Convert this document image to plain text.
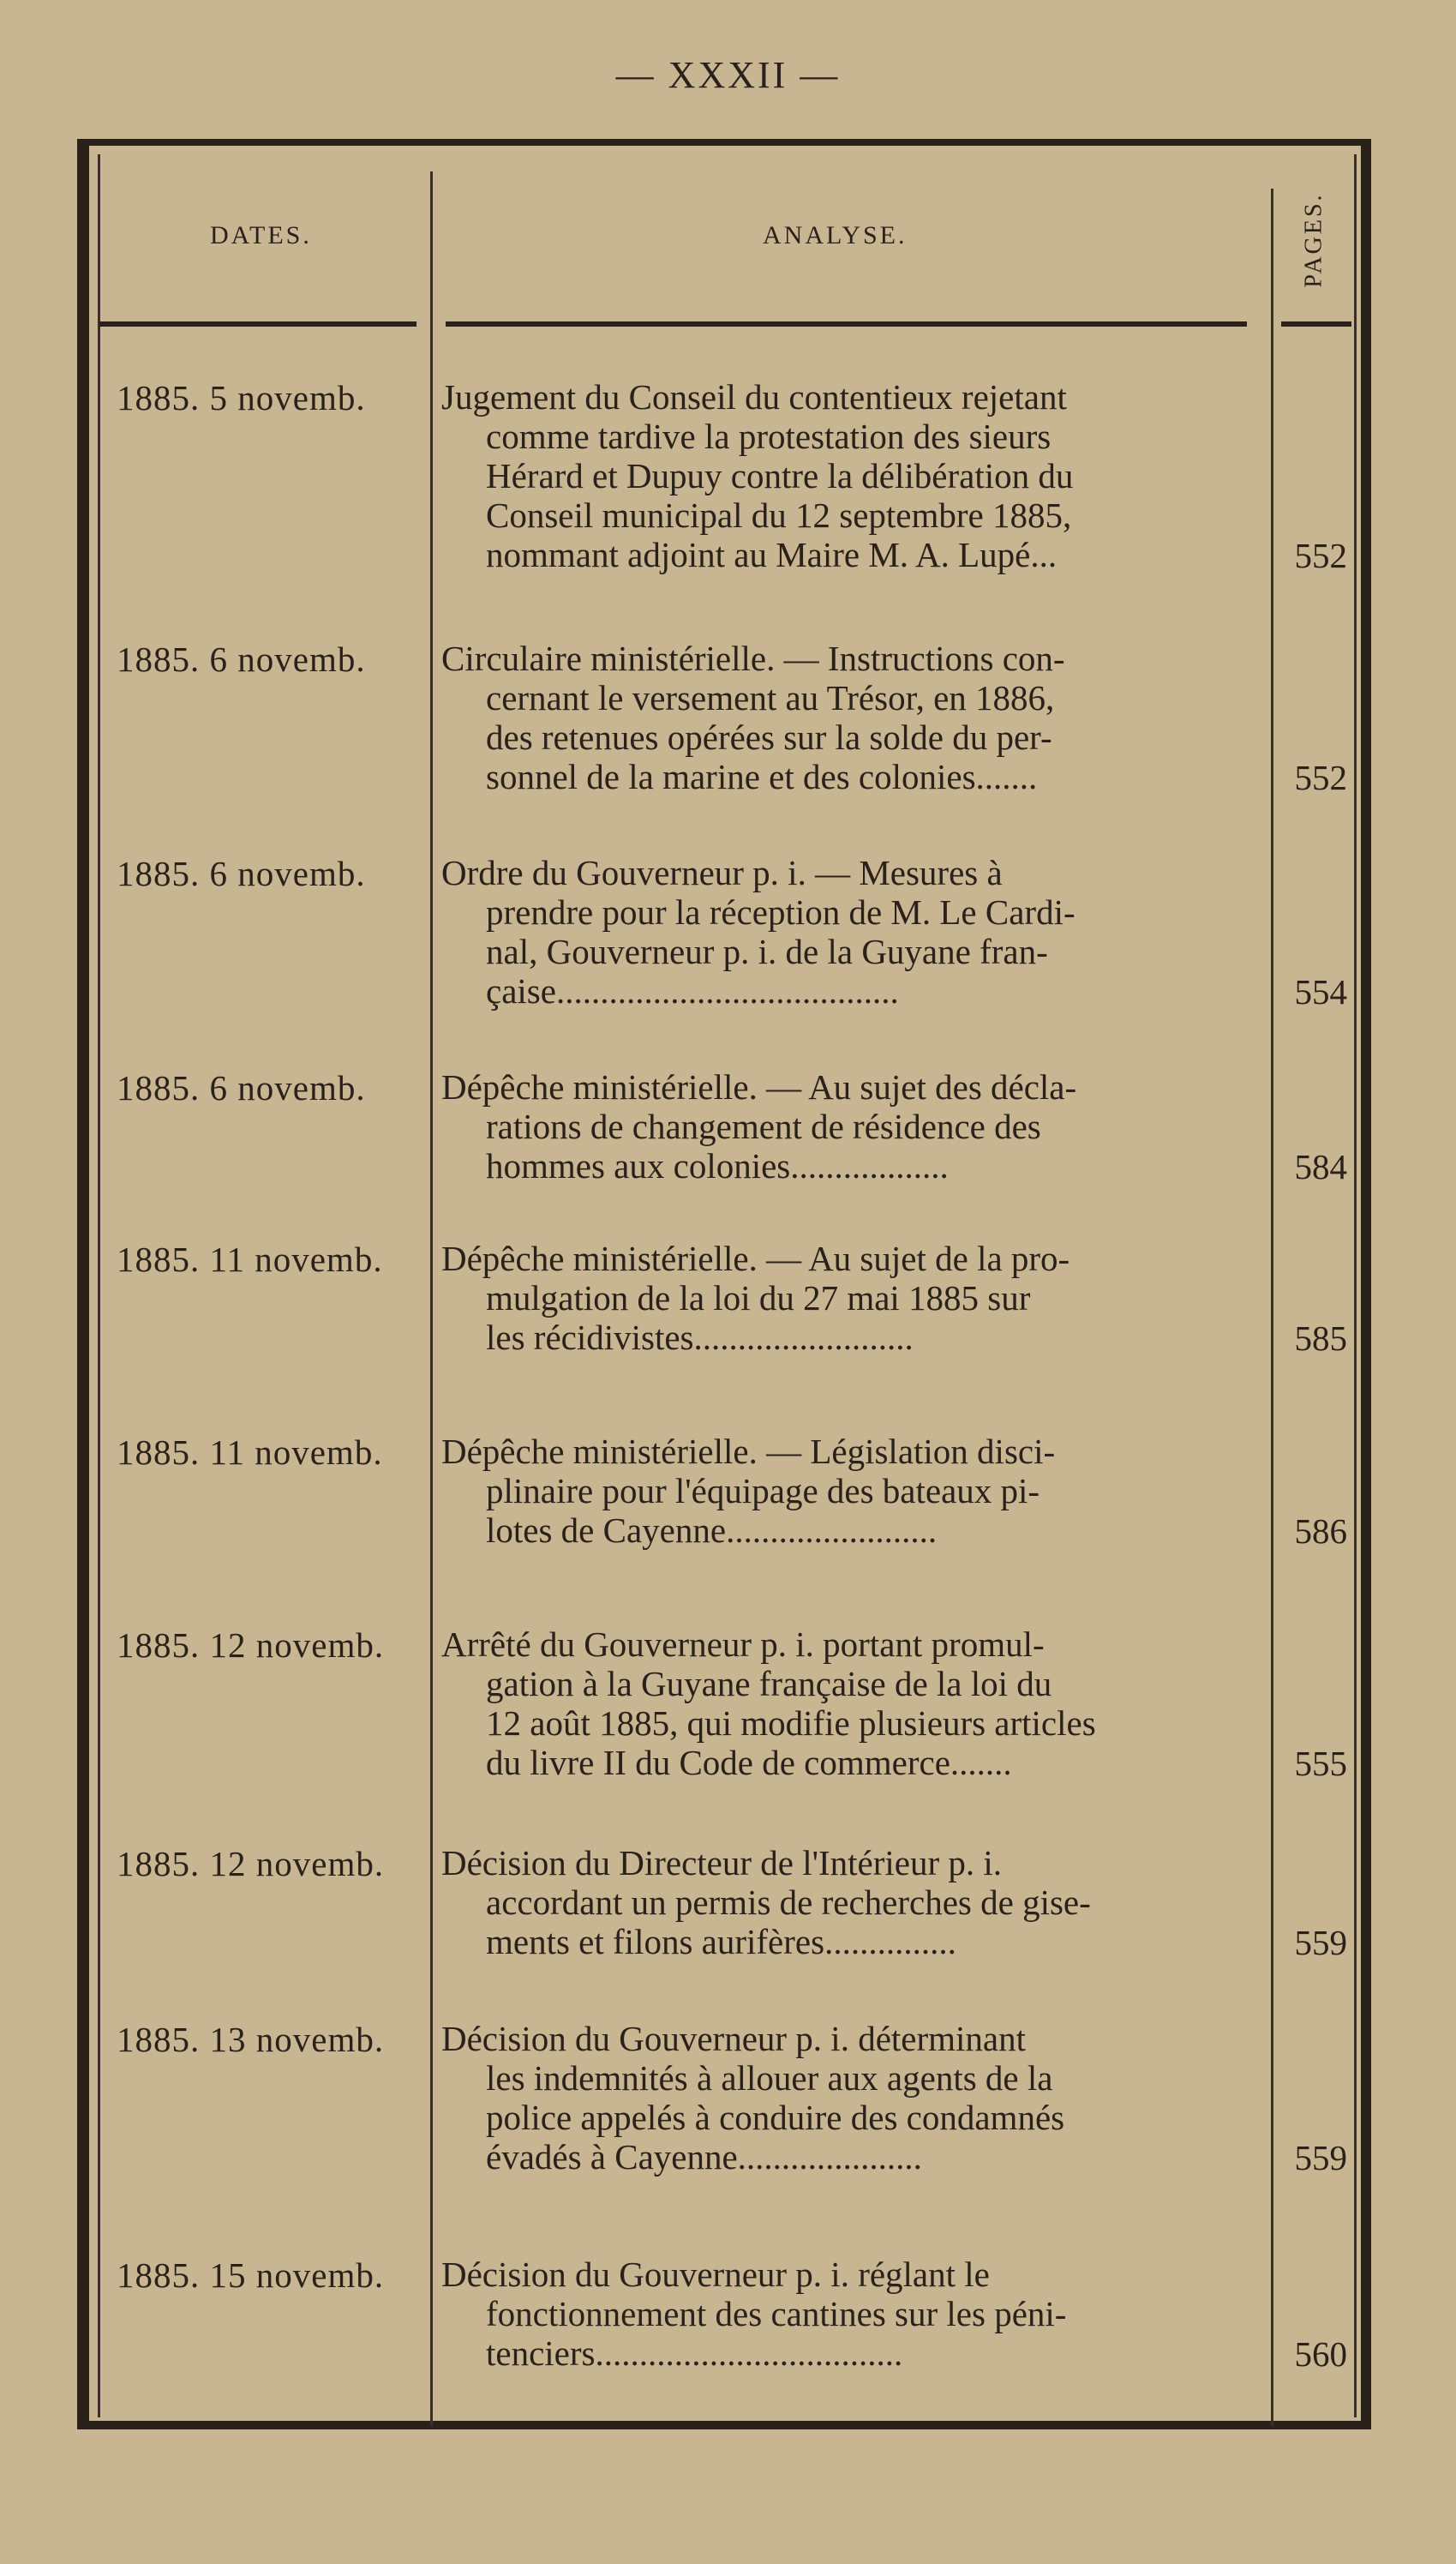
— XXXII —
DATES.	ANALYSE.	PAGES.
1885. 5 novemb.	Jugement du Conseil du contentieux rejetant
comme tardive la protestation des sieurs
Hérard et Dupuy contre la délibération du
Conseil municipal du 12 septembre 1885,
nommant adjoint au Maire M. A. Lupé...	552
1885. 6 novemb.	Circulaire ministérielle. — Instructions con-
cernant le versement au Trésor, en 1886,
des retenues opérées sur la solde du per-
sonnel de la marine et des colonies.......	552
1885. 6 novemb.	Ordre du Gouverneur p. i. — Mesures à
prendre pour la réception de M. Le Cardi-
nal, Gouverneur p. i. de la Guyane fran-
çaise.......................................	554
1885. 6 novemb.	Dépêche ministérielle. — Au sujet des décla-
rations de changement de résidence des
hommes aux colonies..................	584
1885. 11 novemb.	Dépêche ministérielle. — Au sujet de la pro-
mulgation de la loi du 27 mai 1885 sur
les récidivistes.........................	585
1885. 11 novemb.	Dépêche ministérielle. — Législation disci-
plinaire pour l'équipage des bateaux pi-
lotes de Cayenne........................	586
1885. 12 novemb.	Arrêté du Gouverneur p. i. portant promul-
gation à la Guyane française de la loi du
12 août 1885, qui modifie plusieurs articles
du livre II du Code de commerce.......	555
1885. 12 novemb.	Décision du Directeur de l'Intérieur p. i.
accordant un permis de recherches de gise-
ments et filons aurifères...............	559
1885. 13 novemb.	Décision du Gouverneur p. i. déterminant
les indemnités à allouer aux agents de la
police appelés à conduire des condamnés
évadés à Cayenne.....................	559
1885. 15 novemb.	Décision du Gouverneur p. i. réglant le
fonctionnement des cantines sur les péni-
tenciers...................................	560
